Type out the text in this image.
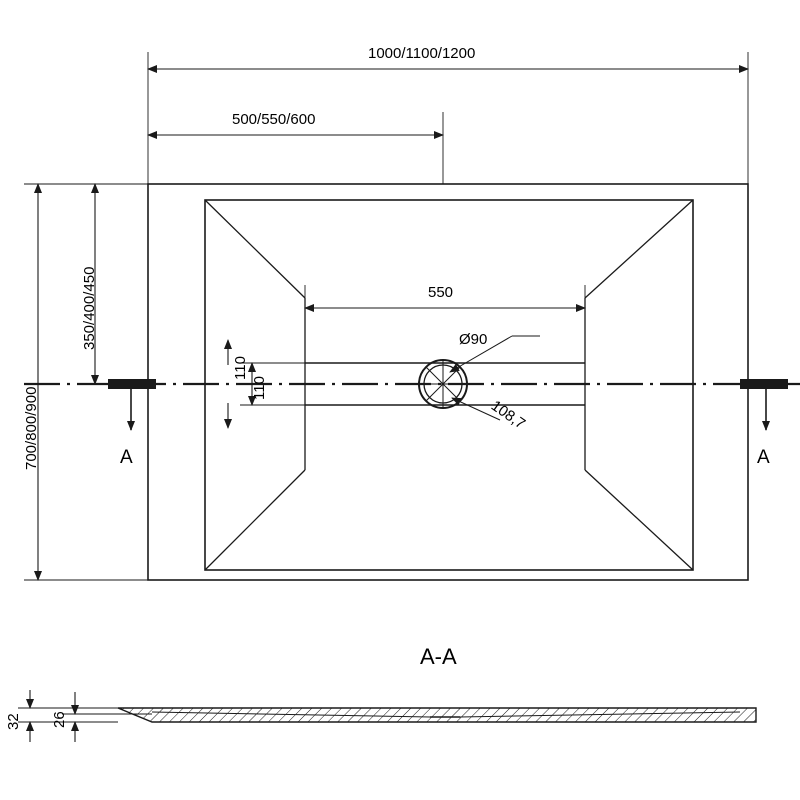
1000/1100/1200
500/550/600
700/800/900
350/400/450	550
110
110
Ø90
108,7
A	A
A-A
32 26
